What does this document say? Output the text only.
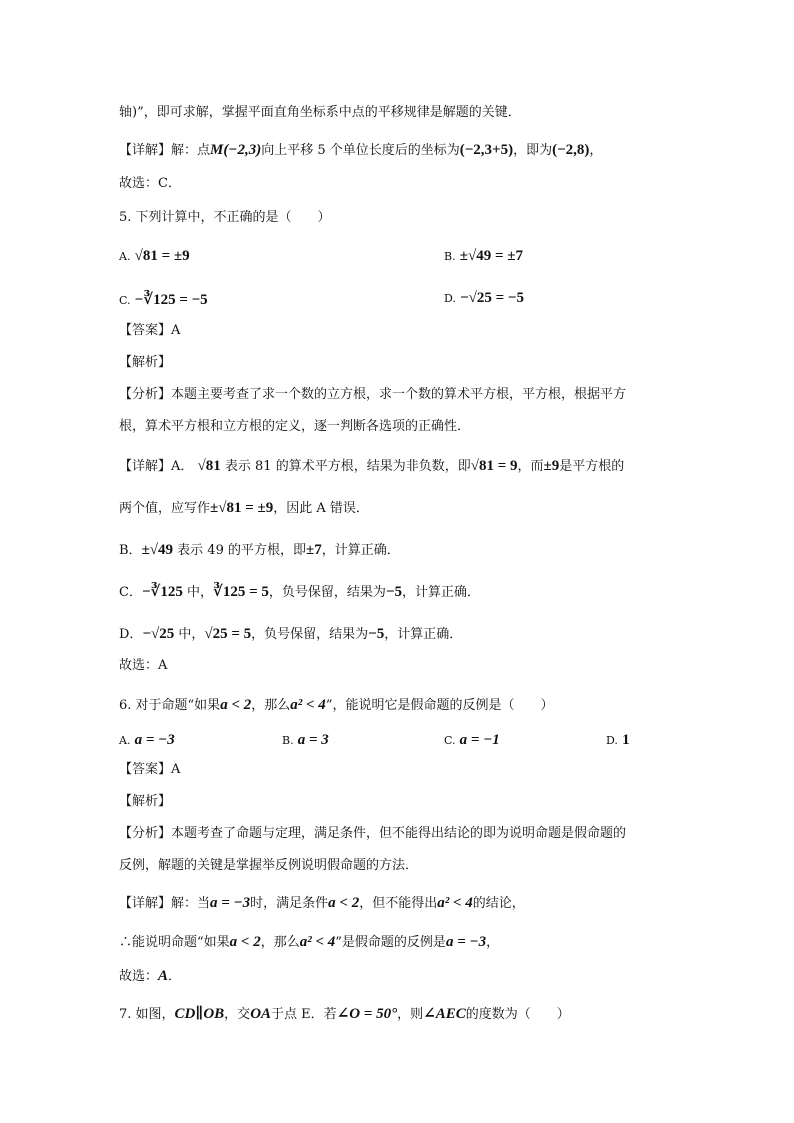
轴)”，即可求解，掌握平面直角坐标系中点的平移规律是解题的关键．
【详解】解：点M(−2,3)向上平移 5 个单位长度后的坐标为(−2,3+5)，即为(−2,8)，
故选：C．
5. 下列计算中，不正确的是（　　）
A. √81 = ±9	B. ±√49 = ±7
C. −∛125 = −5	D. −√25 = −5
【答案】A
【解析】
【分析】本题主要考查了求一个数的立方根，求一个数的算术平方根，平方根，根据平方
根，算术平方根和立方根的定义，逐一判断各选项的正确性．
【详解】A． √81 表示 81 的算术平方根，结果为非负数，即√81 = 9，而±9是平方根的
两个值，应写作±√81 = ±9，因此 A 错误．
B．±√49 表示 49 的平方根，即±7，计算正确．
C．−∛125 中，∛125 = 5，负号保留，结果为−5，计算正确．
D．−√25 中，√25 = 5，负号保留，结果为−5，计算正确．
故选：A
6. 对于命题“如果a < 2，那么a² < 4”，能说明它是假命题的反例是（　　）
A. a = −3	B. a = 3	C. a = −1	D. 1
【答案】A
【解析】
【分析】本题考查了命题与定理，满足条件，但不能得出结论的即为说明命题是假命题的
反例，解题的关键是掌握举反例说明假命题的方法．
【详解】解：当a = −3时，满足条件a < 2，但不能得出a² < 4的结论，
∴能说明命题“如果a < 2，那么a² < 4”是假命题的反例是a = −3，
故选：A．
7. 如图，CD∥OB，交OA于点 E．若∠O = 50°，则∠AEC的度数为（　　）
